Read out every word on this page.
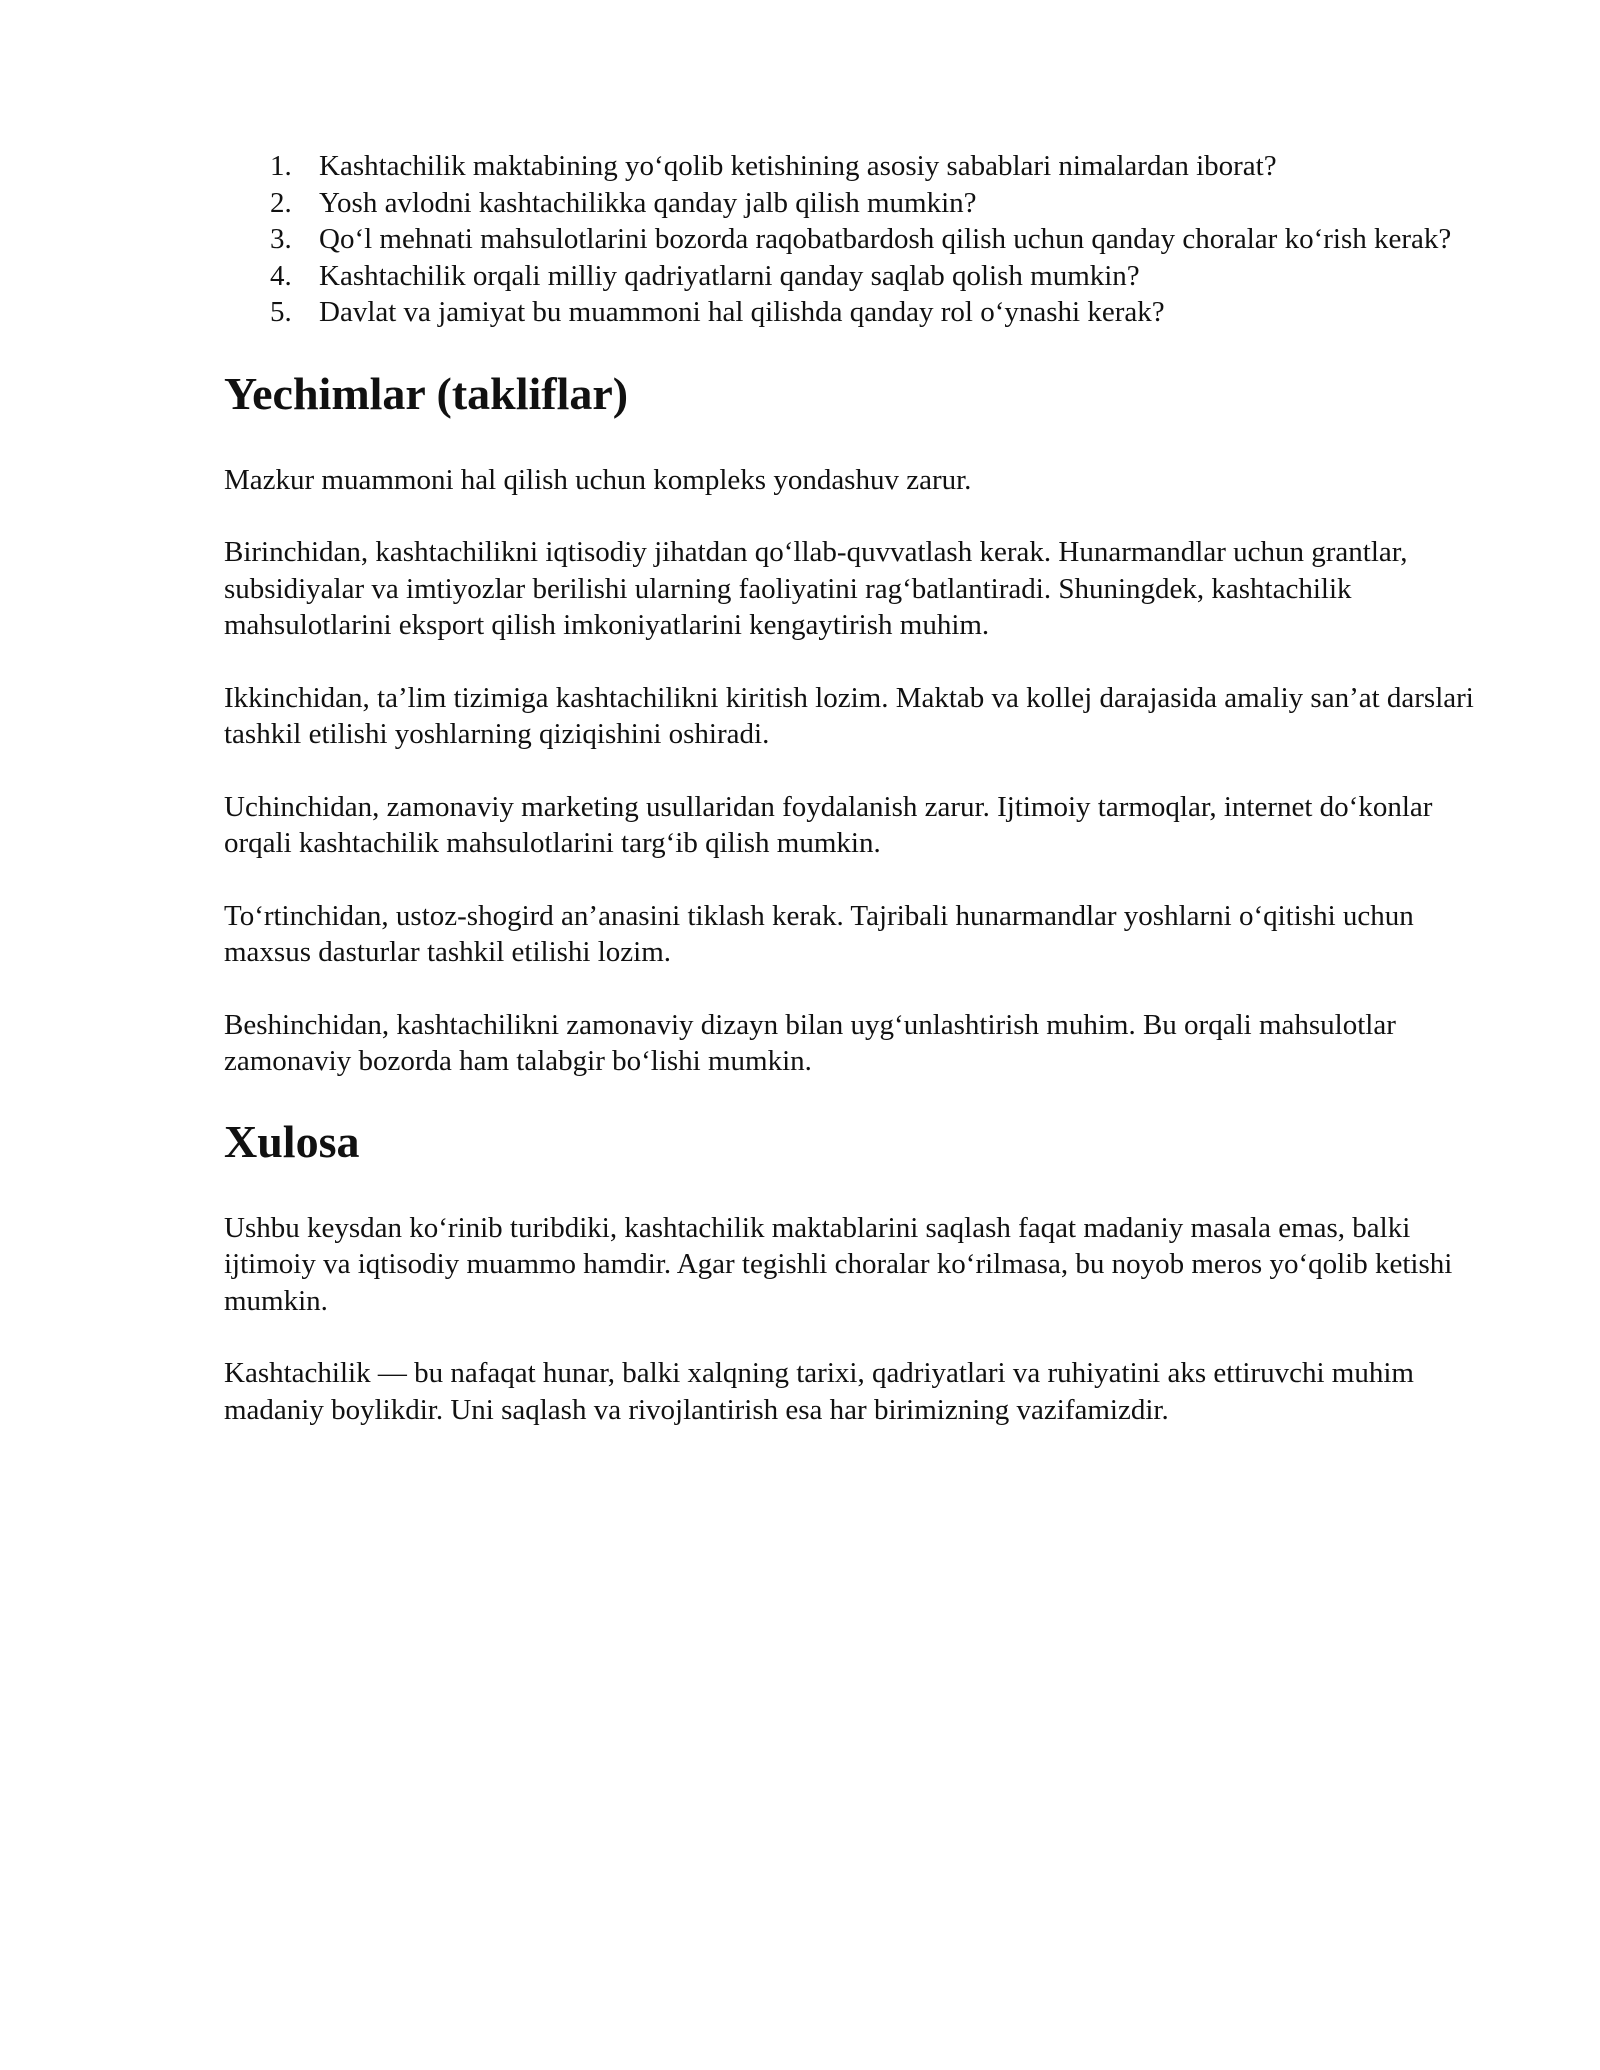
1. Kashtachilik maktabining yo‘qolib ketishining asosiy sabablari nimalardan iborat?
2. Yosh avlodni kashtachilikka qanday jalb qilish mumkin?
3. Qo‘l mehnati mahsulotlarini bozorda raqobatbardosh qilish uchun qanday choralar ko‘rish kerak?
4. Kashtachilik orqali milliy qadriyatlarni qanday saqlab qolish mumkin?
5. Davlat va jamiyat bu muammoni hal qilishda qanday rol o‘ynashi kerak?
Yechimlar (takliflar)

Mazkur muammoni hal qilish uchun kompleks yondashuv zarur.

Birinchidan, kashtachilikni iqtisodiy jihatdan qo‘llab-quvvatlash kerak. Hunarmandlar uchun grantlar, subsidiyalar va imtiyozlar berilishi ularning faoliyatini rag‘batlantiradi. Shuningdek, kashtachilik mahsulotlarini eksport qilish imkoniyatlarini kengaytirish muhim.

Ikkinchidan, ta’lim tizimiga kashtachilikni kiritish lozim. Maktab va kollej darajasida amaliy san’at darslari tashkil etilishi yoshlarning qiziqishini oshiradi.

Uchinchidan, zamonaviy marketing usullaridan foydalanish zarur. Ijtimoiy tarmoqlar, internet do‘konlar orqali kashtachilik mahsulotlarini targ‘ib qilish mumkin.

To‘rtinchidan, ustoz-shogird an’anasini tiklash kerak. Tajribali hunarmandlar yoshlarni o‘qitishi uchun maxsus dasturlar tashkil etilishi lozim.

Beshinchidan, kashtachilikni zamonaviy dizayn bilan uyg‘unlashtirish muhim. Bu orqali mahsulotlar zamonaviy bozorda ham talabgir bo‘lishi mumkin.

Xulosa

Ushbu keysdan ko‘rinib turibdiki, kashtachilik maktablarini saqlash faqat madaniy masala emas, balki ijtimoiy va iqtisodiy muammo hamdir. Agar tegishli choralar ko‘rilmasa, bu noyob meros yo‘qolib ketishi mumkin.

Kashtachilik — bu nafaqat hunar, balki xalqning tarixi, qadriyatlari va ruhiyatini aks ettiruvchi muhim madaniy boylikdir. Uni saqlash va rivojlantirish esa har birimizning vazifamizdir.
